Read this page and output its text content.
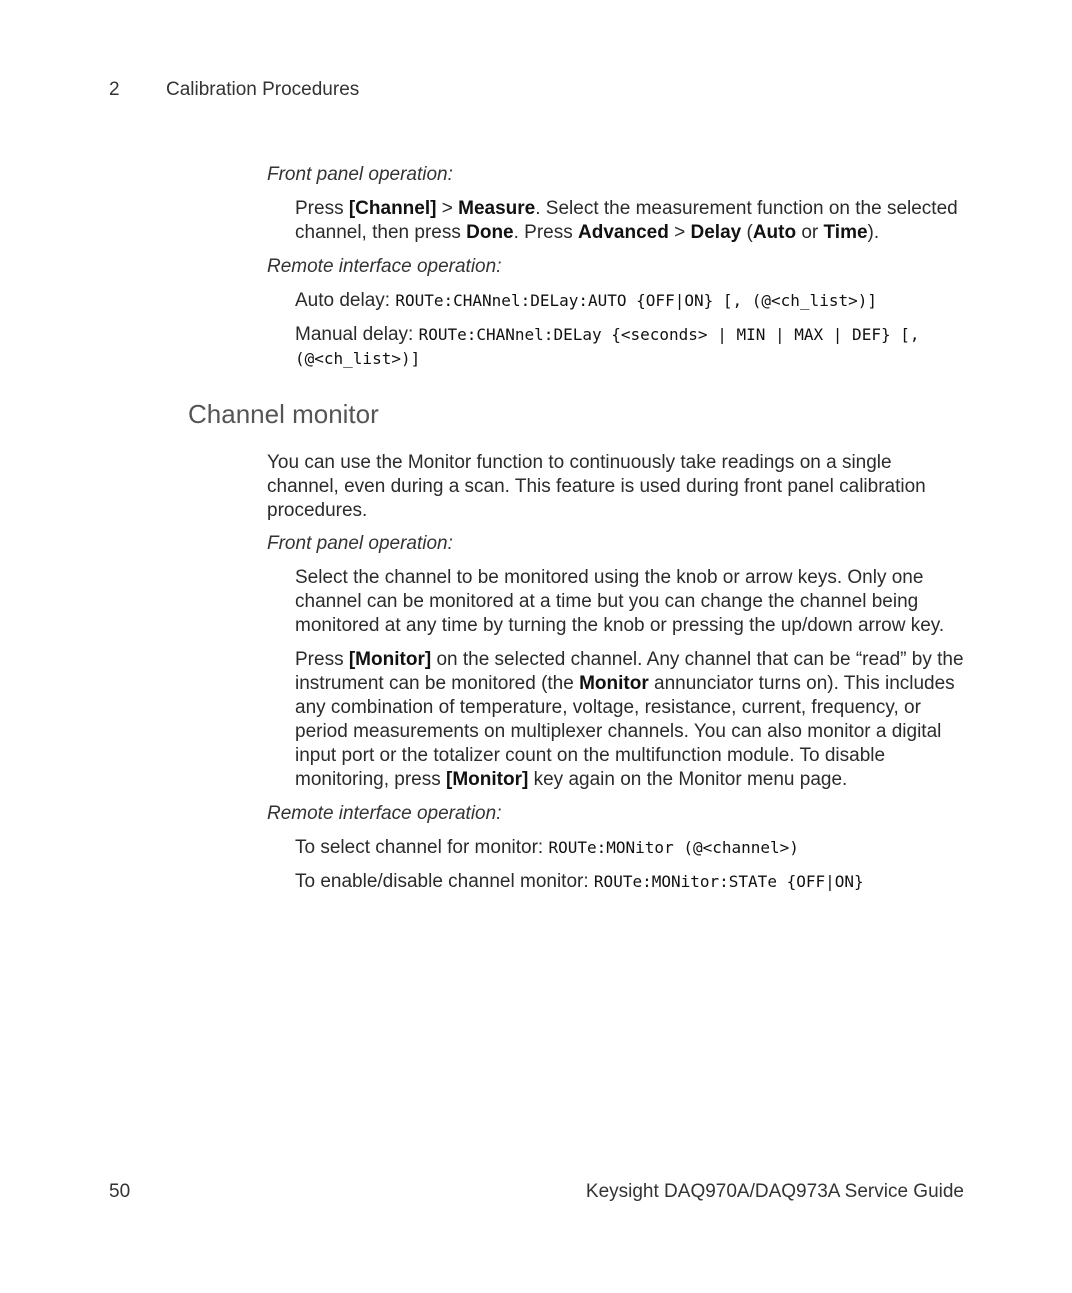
2 Calibration Procedures
Front panel operation:
Press [Channel] > Measure. Select the measurement function on the selected
channel, then press Done. Press Advanced > Delay (Auto or Time).
Remote interface operation:
Auto delay: ROUTe:CHANnel:DELay:AUTO {OFF|ON} [, (@<ch_list>)]
Manual delay: ROUTe:CHANnel:DELay {<seconds> | MIN | MAX | DEF} [,
(@<ch_list>)]
Channel monitor
You can use the Monitor function to continuously take readings on a single
channel, even during a scan. This feature is used during front panel calibration
procedures.
Front panel operation:
Select the channel to be monitored using the knob or arrow keys. Only one
channel can be monitored at a time but you can change the channel being
monitored at any time by turning the knob or pressing the up/down arrow key.
Press [Monitor] on the selected channel. Any channel that can be “read” by the
instrument can be monitored (the Monitor annunciator turns on). This includes
any combination of temperature, voltage, resistance, current, frequency, or
period measurements on multiplexer channels. You can also monitor a digital
input port or the totalizer count on the multifunction module. To disable
monitoring, press [Monitor] key again on the Monitor menu page.
Remote interface operation:
To select channel for monitor: ROUTe:MONitor (@<channel>)
To enable/disable channel monitor: ROUTe:MONitor:STATe {OFF|ON}
50	Keysight DAQ970A/DAQ973A Service Guide
